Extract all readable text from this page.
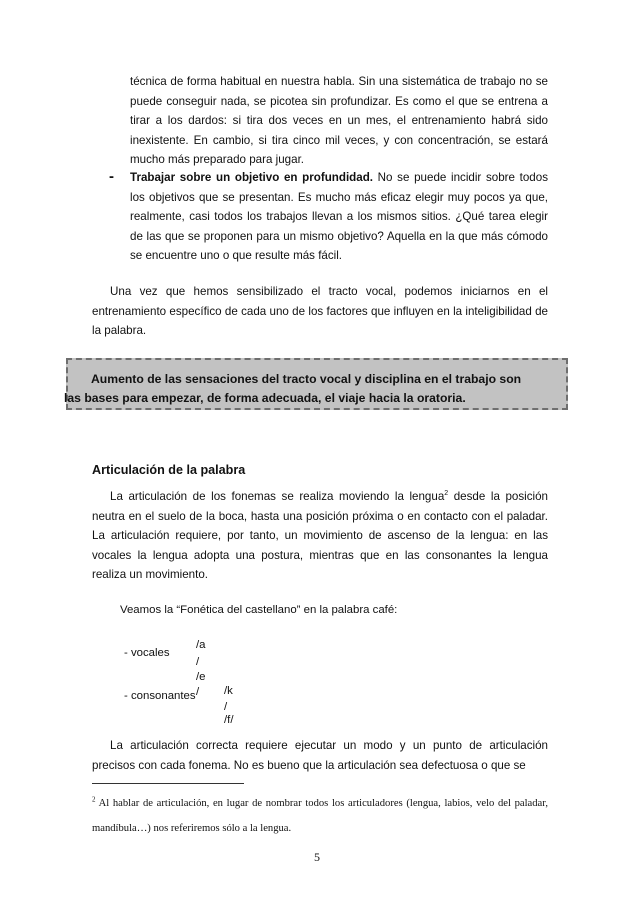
técnica de forma habitual en nuestra habla. Sin una sistemática de trabajo no se puede conseguir nada, se picotea sin profundizar. Es como el que se entrena a tirar a los dardos: si tira dos veces en un mes, el entrenamiento habrá sido inexistente. En cambio, si tira cinco mil veces, y con concentración, se estará mucho más preparado para jugar.

- Trabajar sobre un objetivo en profundidad. No se puede incidir sobre todos los objetivos que se presentan. Es mucho más eficaz elegir muy pocos ya que, realmente, casi todos los trabajos llevan a los mismos sitios. ¿Qué tarea elegir de las que se proponen para un mismo objetivo? Aquella en la que más cómodo se encuentre uno o que resulte más fácil.

Una vez que hemos sensibilizado el tracto vocal, podemos iniciarnos en el entrenamiento específico de cada uno de los factores que influyen en la inteligibilidad de la palabra.

Aumento de las sensaciones del tracto vocal y disciplina en el trabajo son
las bases para empezar, de forma adecuada, el viaje hacia la oratoria.

Articulación de la palabra

La articulación de los fonemas se realiza moviendo la lengua$^2$ desde la posición neutra en el suelo de la boca, hasta una posición próxima o en contacto con el paladar. La articulación requiere, por tanto, un movimiento de ascenso de la lengua: en las vocales la lengua adopta una postura, mientras que en las consonantes la lengua realiza un movimiento.

Veamos la “Fonética del castellano” en la palabra café:
- vocales
/a
/
/e
/
- consonantes /k
/
/f/

La articulación correcta requiere ejecutar un modo y un punto de articulación precisos con cada fonema. No es bueno que la articulación sea defectuosa o que se

$^2$ Al hablar de articulación, en lugar de nombrar todos los articuladores (lengua, labios, velo del paladar, mandíbula…) nos referiremos sólo a la lengua.

5
